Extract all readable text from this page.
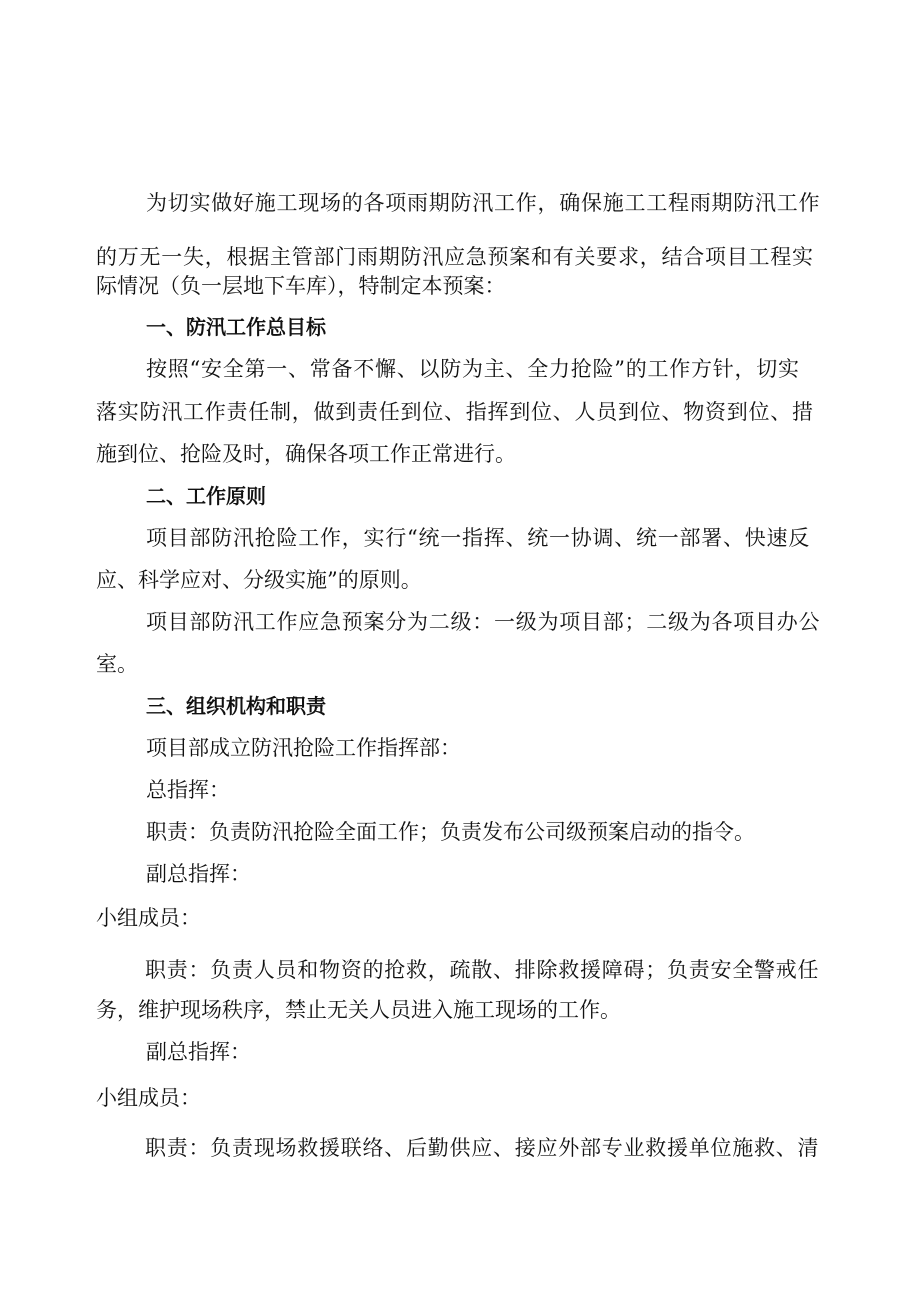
为切实做好施工现场的各项雨期防汛工作，确保施工工程雨期防汛工作
的万无一失，根据主管部门雨期防汛应急预案和有关要求，结合项目工程实
际情况（负一层地下车库），特制定本预案：
一、防汛工作总目标
按照“安全第一、常备不懈、以防为主、全力抢险”的工作方针，切实
落实防汛工作责任制，做到责任到位、指挥到位、人员到位、物资到位、措
施到位、抢险及时，确保各项工作正常进行。
二、工作原则
项目部防汛抢险工作，实行“统一指挥、统一协调、统一部署、快速反
应、科学应对、分级实施”的原则。
项目部防汛工作应急预案分为二级：一级为项目部；二级为各项目办公
室。
三、组织机构和职责
项目部成立防汛抢险工作指挥部：
总指挥：
职责：负责防汛抢险全面工作；负责发布公司级预案启动的指令。
副总指挥：
小组成员：
职责：负责人员和物资的抢救，疏散、排除救援障碍；负责安全警戒任
务，维护现场秩序，禁止无关人员进入施工现场的工作。
副总指挥：
小组成员：
职责：负责现场救援联络、后勤供应、接应外部专业救援单位施救、清
